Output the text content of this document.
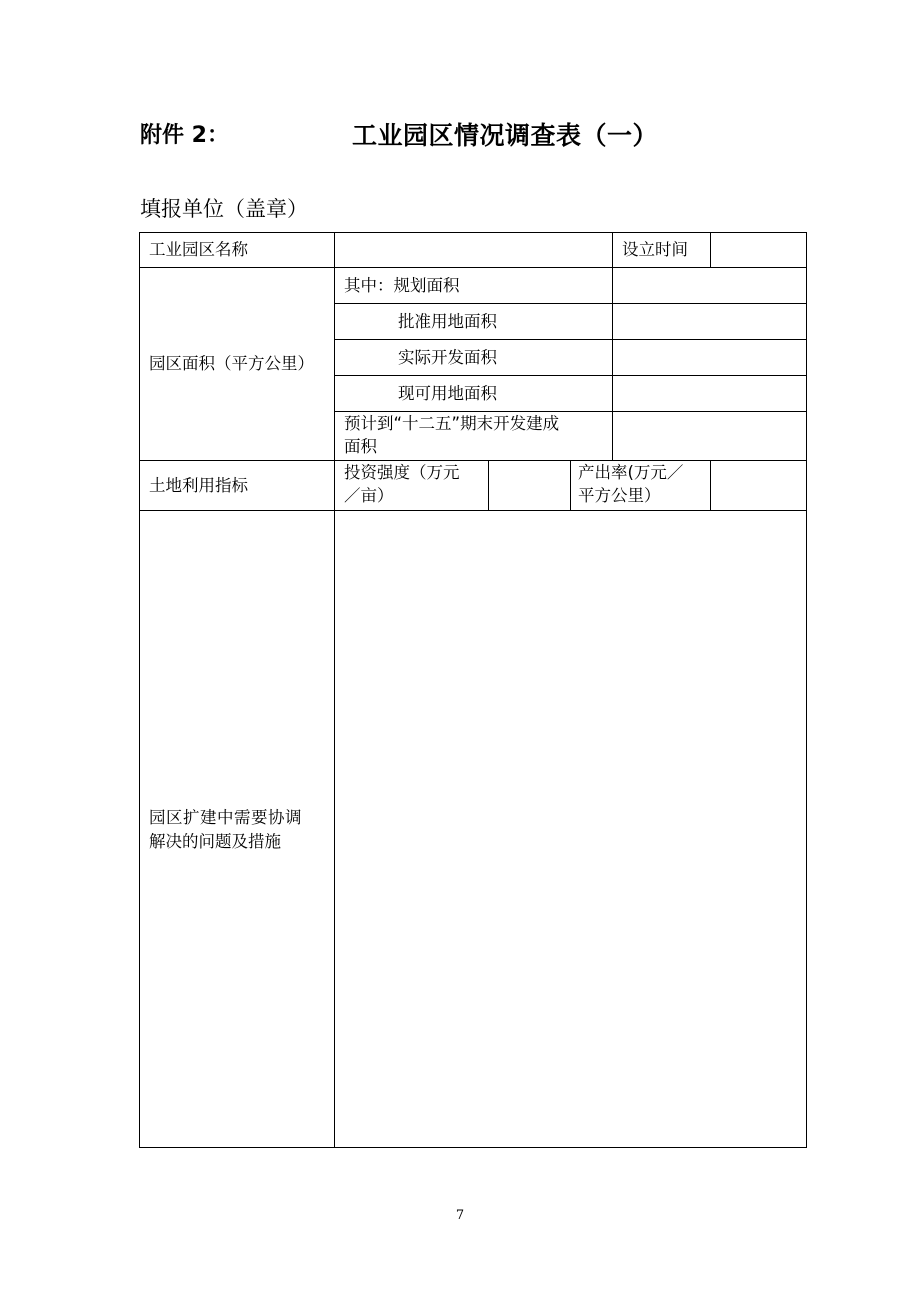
附件 2：	工业园区情况调查表（一）
填报单位（盖章）
工业园区名称	设立时间
园区面积（平方公里）
其中：规划面积
批准用地面积
实际开发面积
现可用地面积
预计到“十二五”期末开发建成
面积
土地利用指标
投资强度（万元
／亩）
产出率(万元／
平方公里）
园区扩建中需要协调
解决的问题及措施
7
